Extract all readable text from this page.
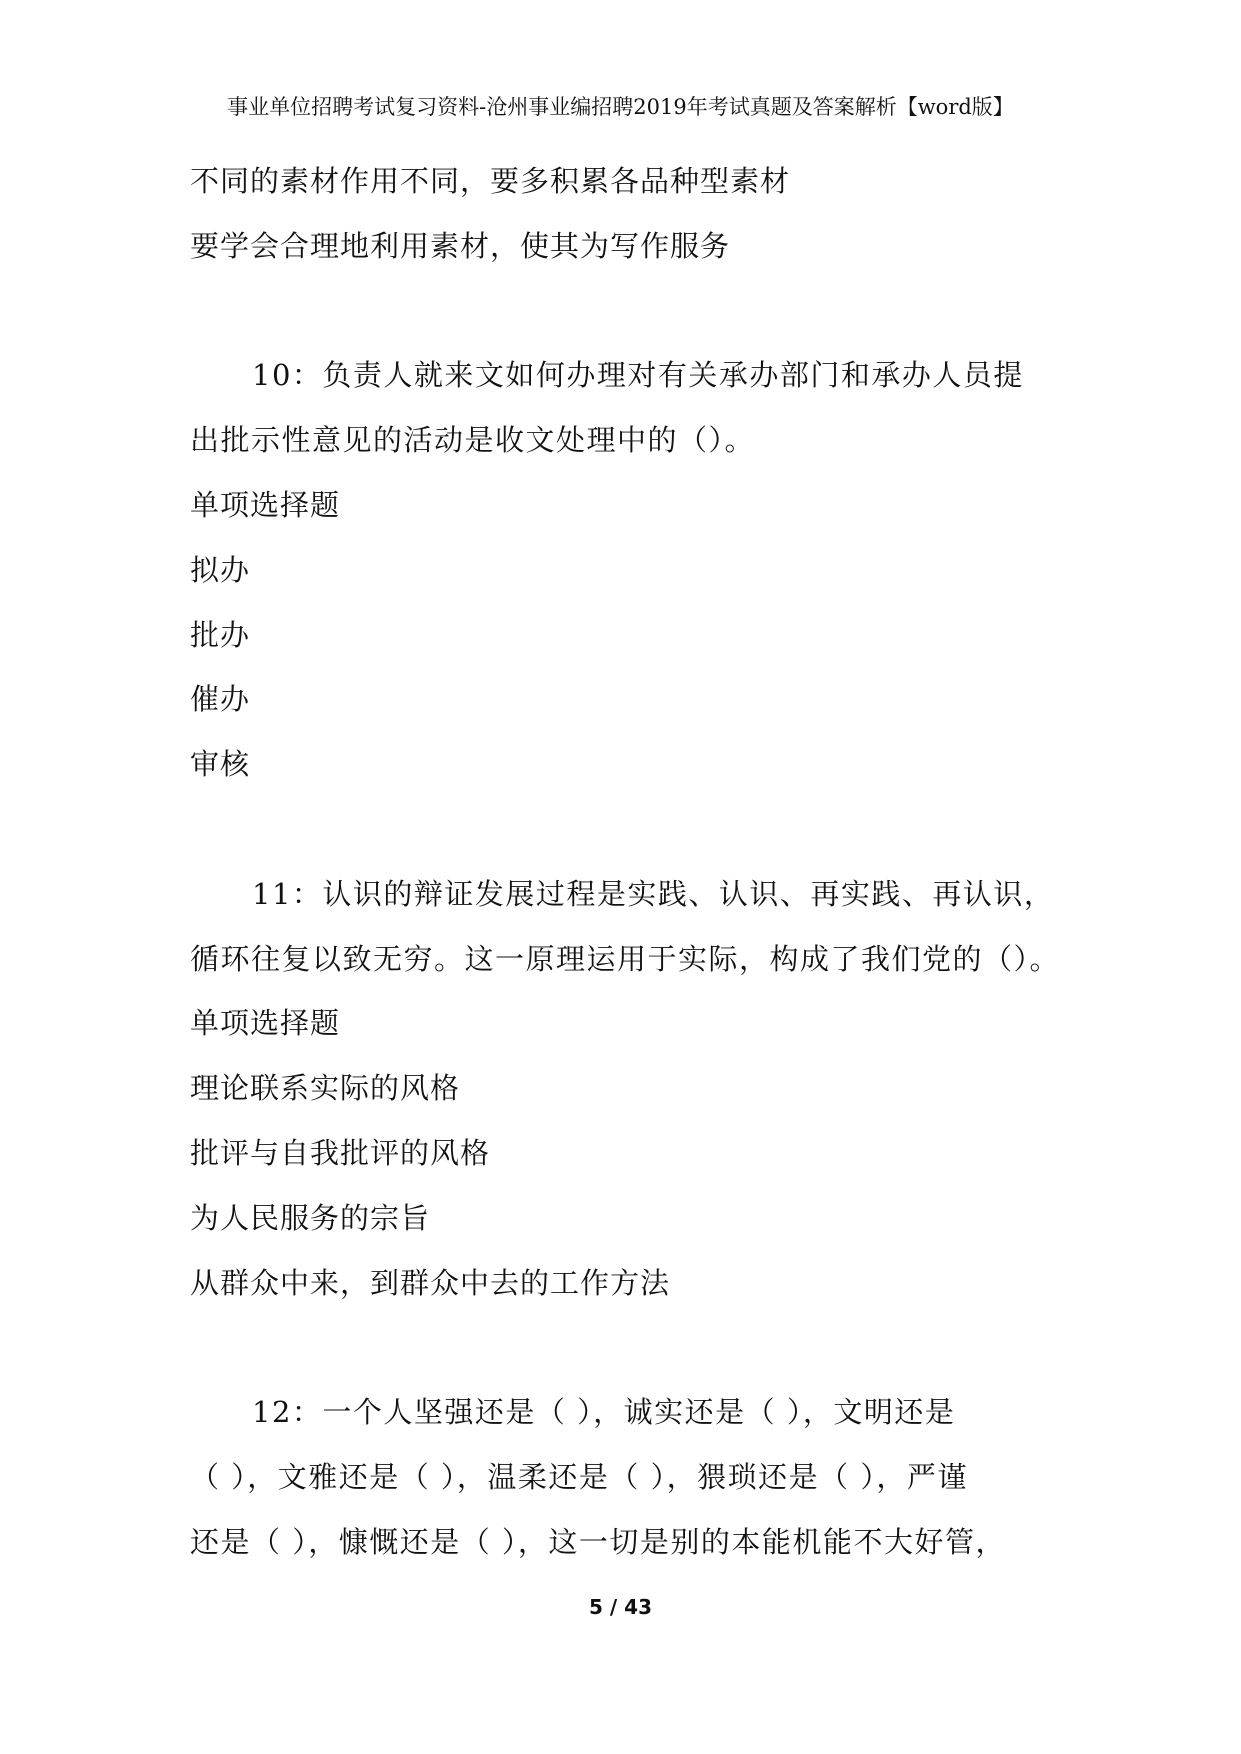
事业单位招聘考试复习资料-沧州事业编招聘2019年考试真题及答案解析【word版】
不同的素材作用不同，要多积累各品种型素材
要学会合理地利用素材，使其为写作服务
10：负责人就来文如何办理对有关承办部门和承办人员提
出批示性意见的活动是收文处理中的（）。
单项选择题
拟办
批办
催办
审核
11：认识的辩证发展过程是实践、认识、再实践、再认识，
循环往复以致无穷。这一原理运用于实际，构成了我们党的（）。
单项选择题
理论联系实际的风格
批评与自我批评的风格
为人民服务的宗旨
从群众中来，到群众中去的工作方法
12：一个人坚强还是（ ），诚实还是（ ），文明还是
（ ），文雅还是（ ），温柔还是（ ），猥琐还是（ ），严谨
还是（ ），慷慨还是（ ），这一切是别的本能机能不大好管，
5 / 43
